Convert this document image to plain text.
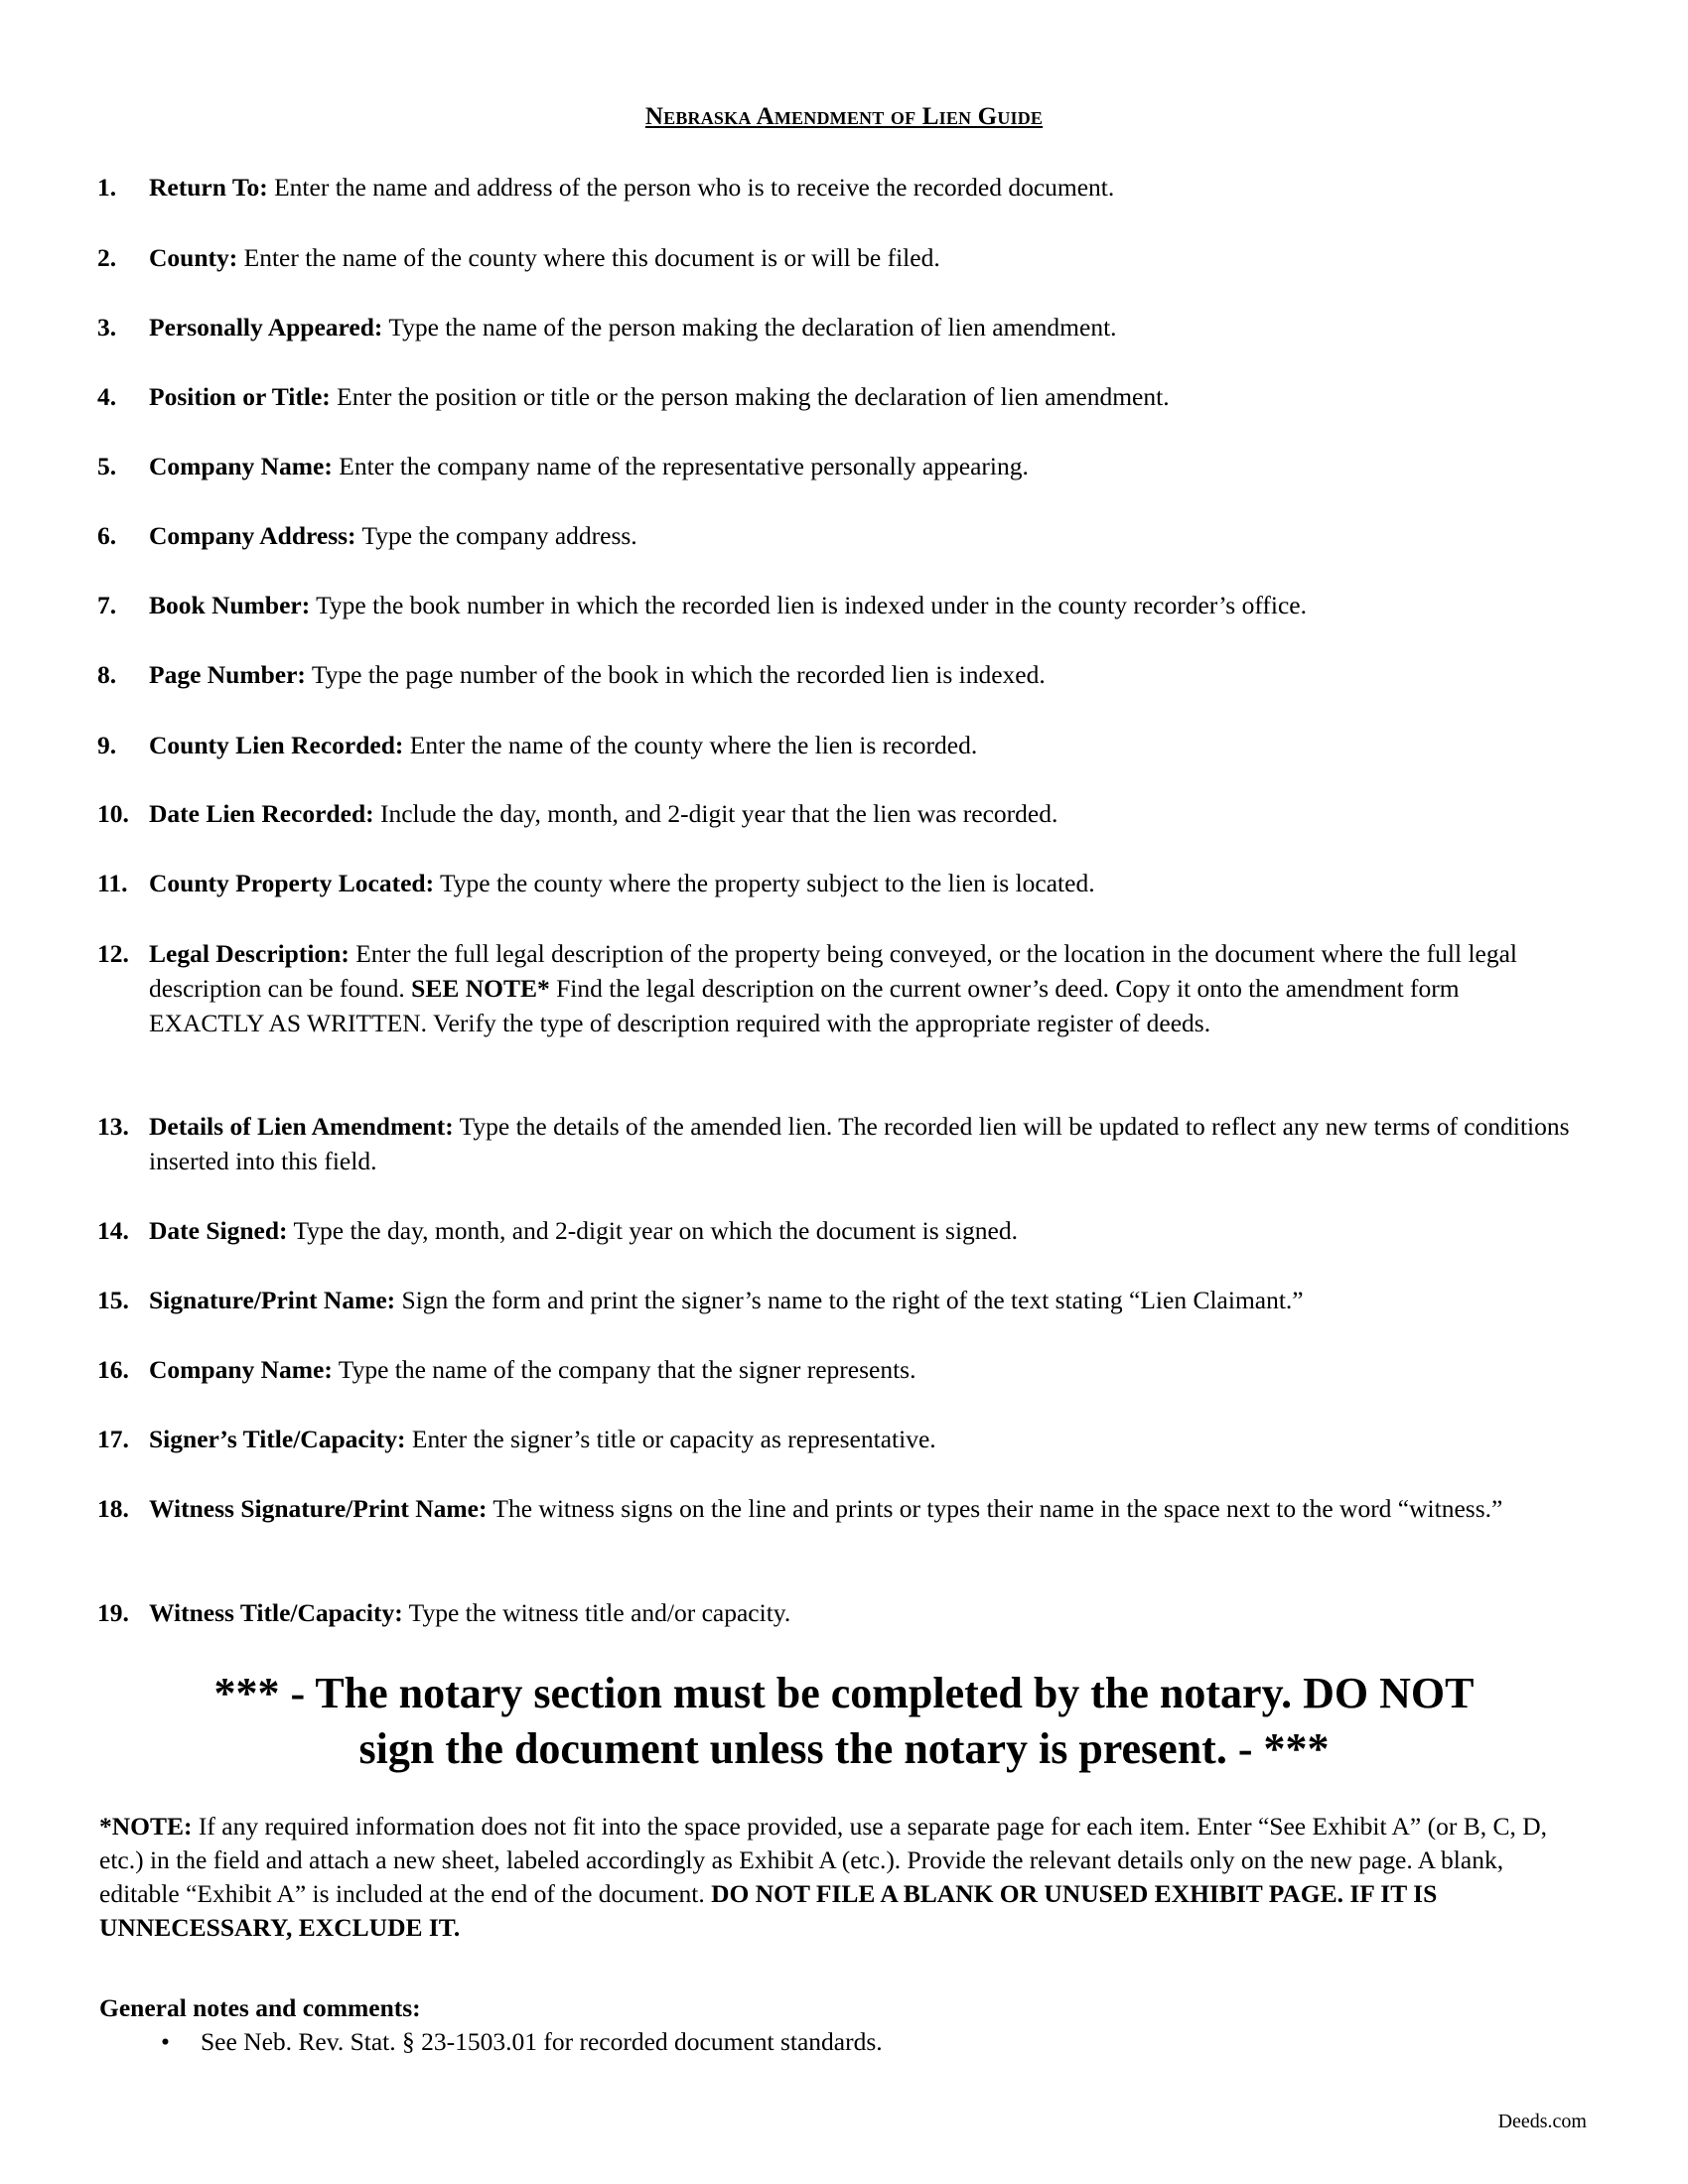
Nebraska Amendment of Lien Guide
1. Return To: Enter the name and address of the person who is to receive the recorded document.
2. County: Enter the name of the county where this document is or will be filed.
3. Personally Appeared: Type the name of the person making the declaration of lien amendment.
4. Position or Title: Enter the position or title or the person making the declaration of lien amendment.
5. Company Name: Enter the company name of the representative personally appearing.
6. Company Address: Type the company address.
7. Book Number: Type the book number in which the recorded lien is indexed under in the county recorder’s office.
8. Page Number: Type the page number of the book in which the recorded lien is indexed.
9. County Lien Recorded: Enter the name of the county where the lien is recorded.
10. Date Lien Recorded: Include the day, month, and 2-digit year that the lien was recorded.
11. County Property Located: Type the county where the property subject to the lien is located.
12. Legal Description: Enter the full legal description of the property being conveyed, or the location in the document where the full legal description can be found. SEE NOTE* Find the legal description on the current owner’s deed. Copy it onto the amendment form EXACTLY AS WRITTEN. Verify the type of description required with the appropriate register of deeds.
13. Details of Lien Amendment: Type the details of the amended lien. The recorded lien will be updated to reflect any new terms of conditions inserted into this field.
14. Date Signed: Type the day, month, and 2-digit year on which the document is signed.
15. Signature/Print Name: Sign the form and print the signer’s name to the right of the text stating “Lien Claimant.”
16. Company Name: Type the name of the company that the signer represents.
17. Signer’s Title/Capacity: Enter the signer’s title or capacity as representative.
18. Witness Signature/Print Name: The witness signs on the line and prints or types their name in the space next to the word “witness.”
19. Witness Title/Capacity: Type the witness title and/or capacity.
*** - The notary section must be completed by the notary. DO NOT
sign the document unless the notary is present. - ***
*NOTE: If any required information does not fit into the space provided, use a separate page for each item. Enter “See Exhibit A” (or B, C, D, etc.) in the field and attach a new sheet, labeled accordingly as Exhibit A (etc.). Provide the relevant details only on the new page. A blank, editable “Exhibit A” is included at the end of the document. DO NOT FILE A BLANK OR UNUSED EXHIBIT PAGE. IF IT IS UNNECESSARY, EXCLUDE IT.
General notes and comments:
• See Neb. Rev. Stat. § 23-1503.01 for recorded document standards.
Deeds.com
